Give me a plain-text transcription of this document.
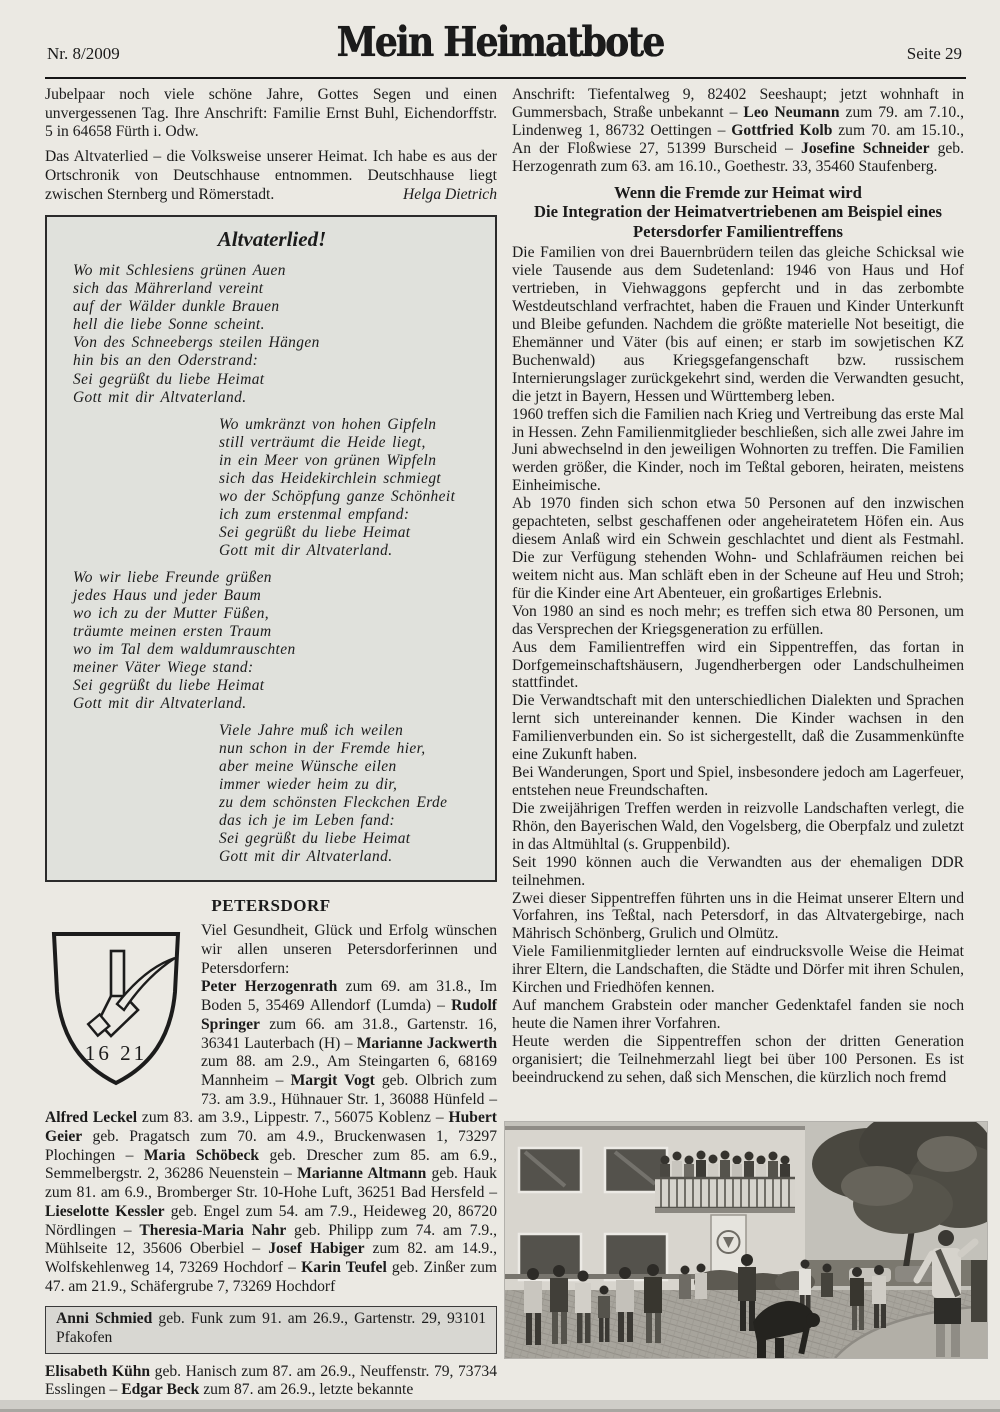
Nr. 8/2009	Mein Heimatbote	Seite 29

Jubelpaar noch viele schöne Jahre, Gottes Segen und einen unvergessenen Tag. Ihre Anschrift: Familie Ernst Buhl, Eichendorffstr. 5 in 64658 Fürth i. Odw.

Das Altvaterlied – die Volksweise unserer Heimat. Ich habe es aus der Ortschronik von Deutschhause entnommen. Deutschhause liegt zwischen Sternberg und Römerstadt.	Helga Dietrich

Altvaterlied!
Wo mit Schlesiens grünen Auen
sich das Mährerland vereint
auf der Wälder dunkle Brauen
hell die liebe Sonne scheint.
Von des Schneebergs steilen Hängen
hin bis an den Oderstrand:
Sei gegrüßt du liebe Heimat
Gott mit dir Altvaterland.
Wo umkränzt von hohen Gipfeln
still verträumt die Heide liegt,
in ein Meer von grünen Wipfeln
sich das Heidekirchlein schmiegt
wo der Schöpfung ganze Schönheit
ich zum erstenmal empfand:
Sei gegrüßt du liebe Heimat
Gott mit dir Altvaterland.
Wo wir liebe Freunde grüßen
jedes Haus und jeder Baum
wo ich zu der Mutter Füßen,
träumte meinen ersten Traum
wo im Tal dem waldumrauschten
meiner Väter Wiege stand:
Sei gegrüßt du liebe Heimat
Gott mit dir Altvaterland.
Viele Jahre muß ich weilen
nun schon in der Fremde hier,
aber meine Wünsche eilen
immer wieder heim zu dir,
zu dem schönsten Fleckchen Erde
das ich je im Leben fand:
Sei gegrüßt du liebe Heimat
Gott mit dir Altvaterland.
PETERSDORF
16 21

Viel Gesundheit, Glück und Erfolg wünschen wir allen unseren Petersdorferinnen und Petersdorfern:

Peter Herzogenrath zum 69. am 31.8., Im Boden 5, 35469 Allendorf (Lumda) – Rudolf Springer zum 66. am 31.8., Gartenstr. 16, 36341 Lauterbach (H) – Marianne Jackwerth zum 88. am 2.9., Am Steingarten 6, 68169 Mannheim – Margit Vogt geb. Olbrich zum 73. am 3.9., Hühnauer Str. 1, 36088 Hünfeld – Alfred Leckel zum 83. am 3.9., Lippestr. 7., 56075 Koblenz – Hubert Geier geb. Pragatsch zum 70. am 4.9., Bruckenwasen 1, 73297 Plochingen – Maria Schöbeck geb. Drescher zum 85. am 6.9., Semmelbergstr. 2, 36286 Neuenstein – Marianne Altmann geb. Hauk zum 81. am 6.9., Bromberger Str. 10-Hohe Luft, 36251 Bad Hersfeld – Lieselotte Kessler geb. Engel zum 54. am 7.9., Heideweg 20, 86720 Nördlingen – Theresia-Maria Nahr geb. Philipp zum 74. am 7.9., Mühlseite 12, 35606 Oberbiel – Josef Habiger zum 82. am 14.9., Wolfskehlenweg 14, 73269 Hochdorf – Karin Teufel geb. Zinßer zum 47. am 21.9., Schäfergrube 7, 73269 Hochdorf

Anni Schmied geb. Funk zum 91. am 26.9., Gartenstr. 29, 93101 Pfakofen

Elisabeth Kühn geb. Hanisch zum 87. am 26.9., Neuffenstr. 79, 73734 Esslingen – Edgar Beck zum 87. am 26.9., letzte bekannte

Anschrift: Tiefentalweg 9, 82402 Seeshaupt; jetzt wohnhaft in Gummersbach, Straße unbekannt – Leo Neumann zum 79. am 7.10., Lindenweg 1, 86732 Oettingen – Gottfried Kolb zum 70. am 15.10., An der Floßwiese 27, 51399 Burscheid – Josefine Schneider geb. Herzogenrath zum 63. am 16.10., Goethestr. 33, 35460 Staufenberg.

Wenn die Fremde zur Heimat wird
Die Integration der Heimatvertriebenen am Beispiel eines
Petersdorfer Familientreffens

Die Familien von drei Bauernbrüdern teilen das gleiche Schicksal wie viele Tausende aus dem Sudetenland: 1946 von Haus und Hof vertrieben, in Viehwaggons gepfercht und in das zerbombte Westdeutschland verfrachtet, haben die Frauen und Kinder Unterkunft und Bleibe gefunden. Nachdem die größte materielle Not beseitigt, die Ehemänner und Väter (bis auf einen; er starb im sowjetischen KZ Buchenwald) aus Kriegsgefangenschaft bzw. russischem Internierungslager zurückgekehrt sind, werden die Verwandten gesucht, die jetzt in Bayern, Hessen und Württemberg leben.

1960 treffen sich die Familien nach Krieg und Vertreibung das erste Mal in Hessen. Zehn Familienmitglieder beschließen, sich alle zwei Jahre im Juni abwechselnd in den jeweiligen Wohnorten zu treffen. Die Familien werden größer, die Kinder, noch im Teßtal geboren, heiraten, meistens Einheimische.

Ab 1970 finden sich schon etwa 50 Personen auf den inzwischen gepachteten, selbst geschaffenen oder angeheiratetem Höfen ein. Aus diesem Anlaß wird ein Schwein geschlachtet und dient als Festmahl. Die zur Verfügung stehenden Wohn- und Schlafräumen reichen bei weitem nicht aus. Man schläft eben in der Scheune auf Heu und Stroh; für die Kinder eine Art Abenteuer, ein großartiges Erlebnis.

Von 1980 an sind es noch mehr; es treffen sich etwa 80 Personen, um das Versprechen der Kriegsgeneration zu erfüllen.

Aus dem Familientreffen wird ein Sippentreffen, das fortan in Dorfgemeinschaftshäusern, Jugendherbergen oder Landschulheimen stattfindet.

Die Verwandtschaft mit den unterschiedlichen Dialekten und Sprachen lernt sich untereinander kennen. Die Kinder wachsen in den Familienverbunden ein. So ist sichergestellt, daß die Zusammenkünfte eine Zukunft haben.

Bei Wanderungen, Sport und Spiel, insbesondere jedoch am Lagerfeuer, entstehen neue Freundschaften.

Die zweijährigen Treffen werden in reizvolle Landschaften verlegt, die Rhön, den Bayerischen Wald, den Vogelsberg, die Oberpfalz und zuletzt in das Altmühltal (s. Gruppenbild).

Seit 1990 können auch die Verwandten aus der ehemaligen DDR teilnehmen.

Zwei dieser Sippentreffen führten uns in die Heimat unserer Eltern und Vorfahren, ins Teßtal, nach Petersdorf, in das Altvatergebirge, nach Mährisch Schönberg, Grulich und Olmütz.

Viele Familienmitglieder lernten auf eindrucksvolle Weise die Heimat ihrer Eltern, die Landschaften, die Städte und Dörfer mit ihren Schulen, Kirchen und Friedhöfen kennen.

Auf manchem Grabstein oder mancher Gedenktafel fanden sie noch heute die Namen ihrer Vorfahren.

Heute werden die Sippentreffen schon der dritten Generation organisiert; die Teilnehmerzahl liegt bei über 100 Personen. Es ist beeindruckend zu sehen, daß sich Menschen, die kürzlich noch fremd
